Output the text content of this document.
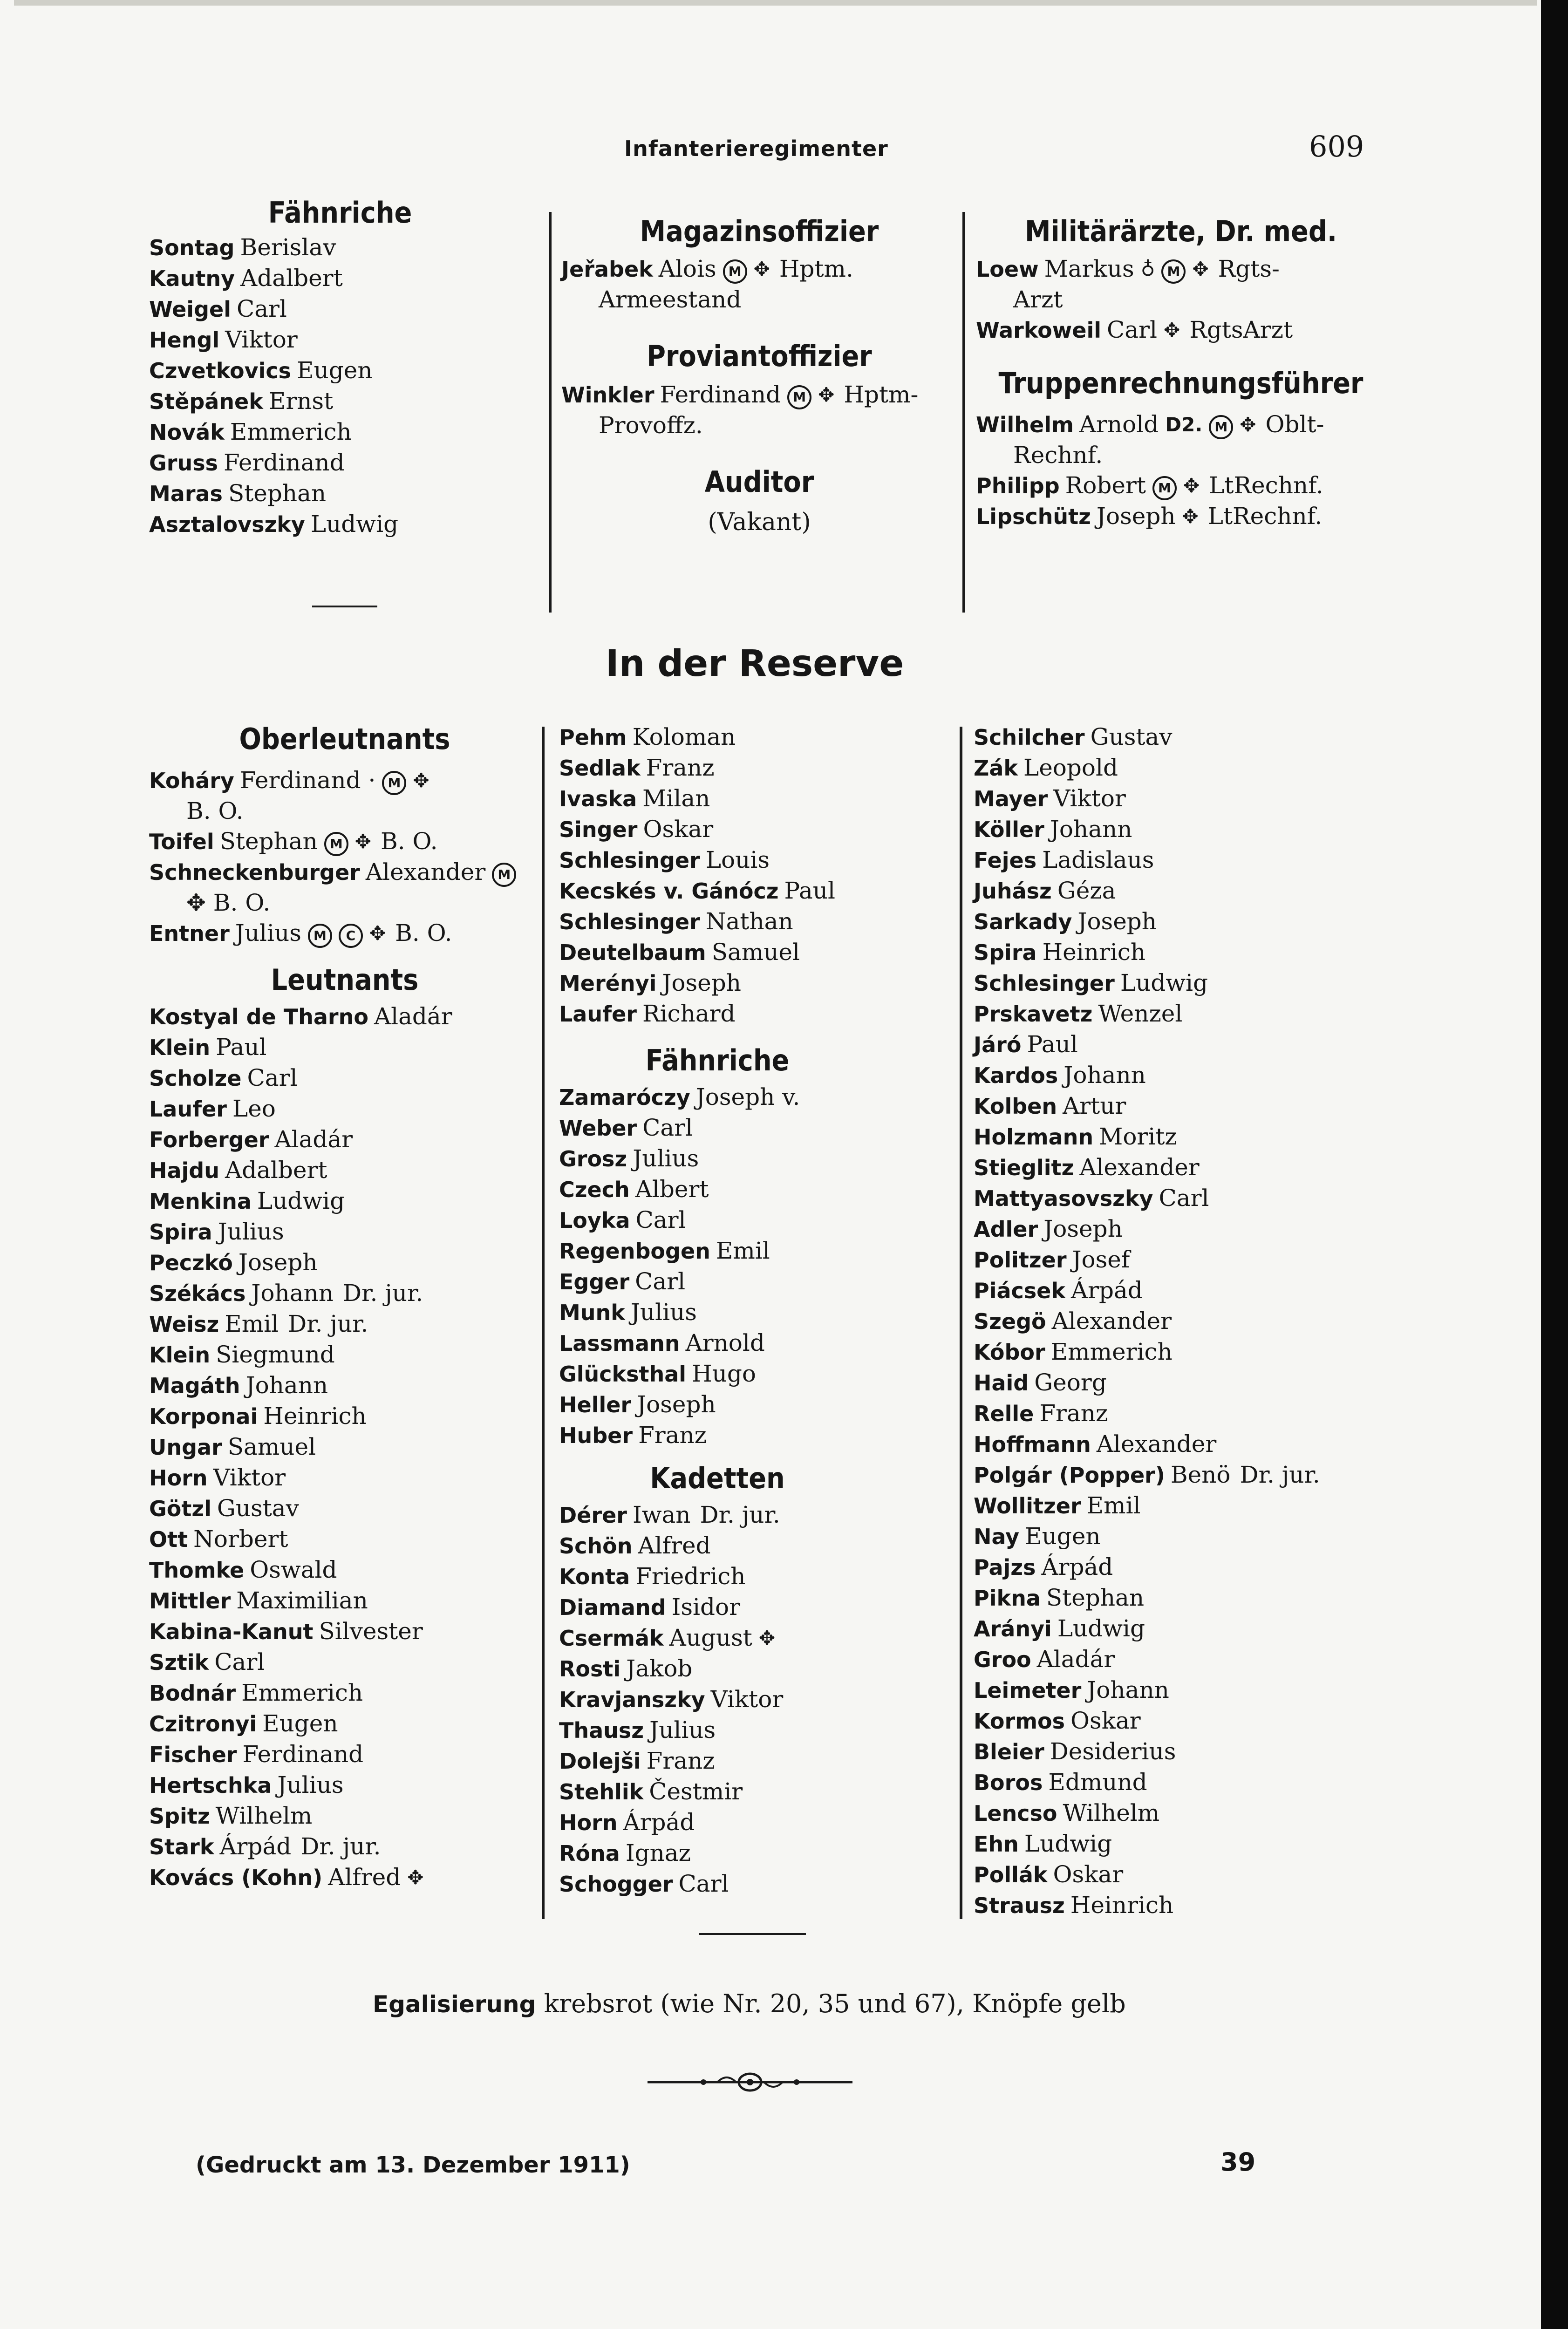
Infanterieregimenter	609
Fähnriche
Sontag Berislav
Kautny Adalbert
Weigel Carl
Hengl Viktor
Czvetkovics Eugen
Stěpánek Ernst
Novák Emmerich
Gruss Ferdinand
Maras Stephan
Asztalovszky Ludwig
Magazinsoffizier
Jeřabek Alois M ✥ Hptm.
Armeestand
Proviantoffizier
Winkler Ferdinand M ✥ Hptm-
Provoffz.
Auditor
(Vakant)
Militärärzte, Dr. med.
Loew Markus ♁ M ✥ Rgts-
Arzt
Warkoweil Carl ✥ RgtsArzt
Truppenrechnungsführer
Wilhelm Arnold D2. M ✥ Oblt-
Rechnf.
Philipp Robert M ✥ LtRechnf.
Lipschütz Joseph ✥ LtRechnf.
In der Reserve
Oberleutnants
Koháry Ferdinand · M ✥
B. O.
Toifel Stephan M ✥ B. O.
Schneckenburger Alexander M
✥ B. O.
Entner Julius M C ✥ B. O.
Leutnants
Kostyal de Tharno Aladár
Klein Paul
Scholze Carl
Laufer Leo
Forberger Aladár
Hajdu Adalbert
Menkina Ludwig
Spira Julius
Peczkó Joseph
Székács Johann Dr. jur.
Weisz Emil Dr. jur.
Klein Siegmund
Magáth Johann
Korponai Heinrich
Ungar Samuel
Horn Viktor
Götzl Gustav
Ott Norbert
Thomke Oswald
Mittler Maximilian
Kabina-Kanut Silvester
Sztik Carl
Bodnár Emmerich
Czitronyi Eugen
Fischer Ferdinand
Hertschka Julius
Spitz Wilhelm
Stark Árpád Dr. jur.
Kovács (Kohn) Alfred ✥
Pehm Koloman
Sedlak Franz
Ivaska Milan
Singer Oskar
Schlesinger Louis
Kecskés v. Gánócz Paul
Schlesinger Nathan
Deutelbaum Samuel
Merényi Joseph
Laufer Richard
Fähnriche
Zamaróczy Joseph v.
Weber Carl
Grosz Julius
Czech Albert
Loyka Carl
Regenbogen Emil
Egger Carl
Munk Julius
Lassmann Arnold
Glücksthal Hugo
Heller Joseph
Huber Franz
Kadetten
Dérer Iwan Dr. jur.
Schön Alfred
Konta Friedrich
Diamand Isidor
Csermák August ✥
Rosti Jakob
Kravjanszky Viktor
Thausz Julius
Dolejši Franz
Stehlik Čestmir
Horn Árpád
Róna Ignaz
Schogger Carl
Schilcher Gustav
Zák Leopold
Mayer Viktor
Köller Johann
Fejes Ladislaus
Juhász Géza
Sarkady Joseph
Spira Heinrich
Schlesinger Ludwig
Prskavetz Wenzel
Járó Paul
Kardos Johann
Kolben Artur
Holzmann Moritz
Stieglitz Alexander
Mattyasovszky Carl
Adler Joseph
Politzer Josef
Piácsek Árpád
Szegö Alexander
Kóbor Emmerich
Haid Georg
Relle Franz
Hoffmann Alexander
Polgár (Popper) Benö Dr. jur.
Wollitzer Emil
Nay Eugen
Pajzs Árpád
Pikna Stephan
Arányi Ludwig
Groo Aladár
Leimeter Johann
Kormos Oskar
Bleier Desiderius
Boros Edmund
Lencso Wilhelm
Ehn Ludwig
Pollák Oskar
Strausz Heinrich
Egalisierung krebsrot (wie Nr. 20, 35 und 67), Knöpfe gelb
(Gedruckt am 13. Dezember 1911)	39
